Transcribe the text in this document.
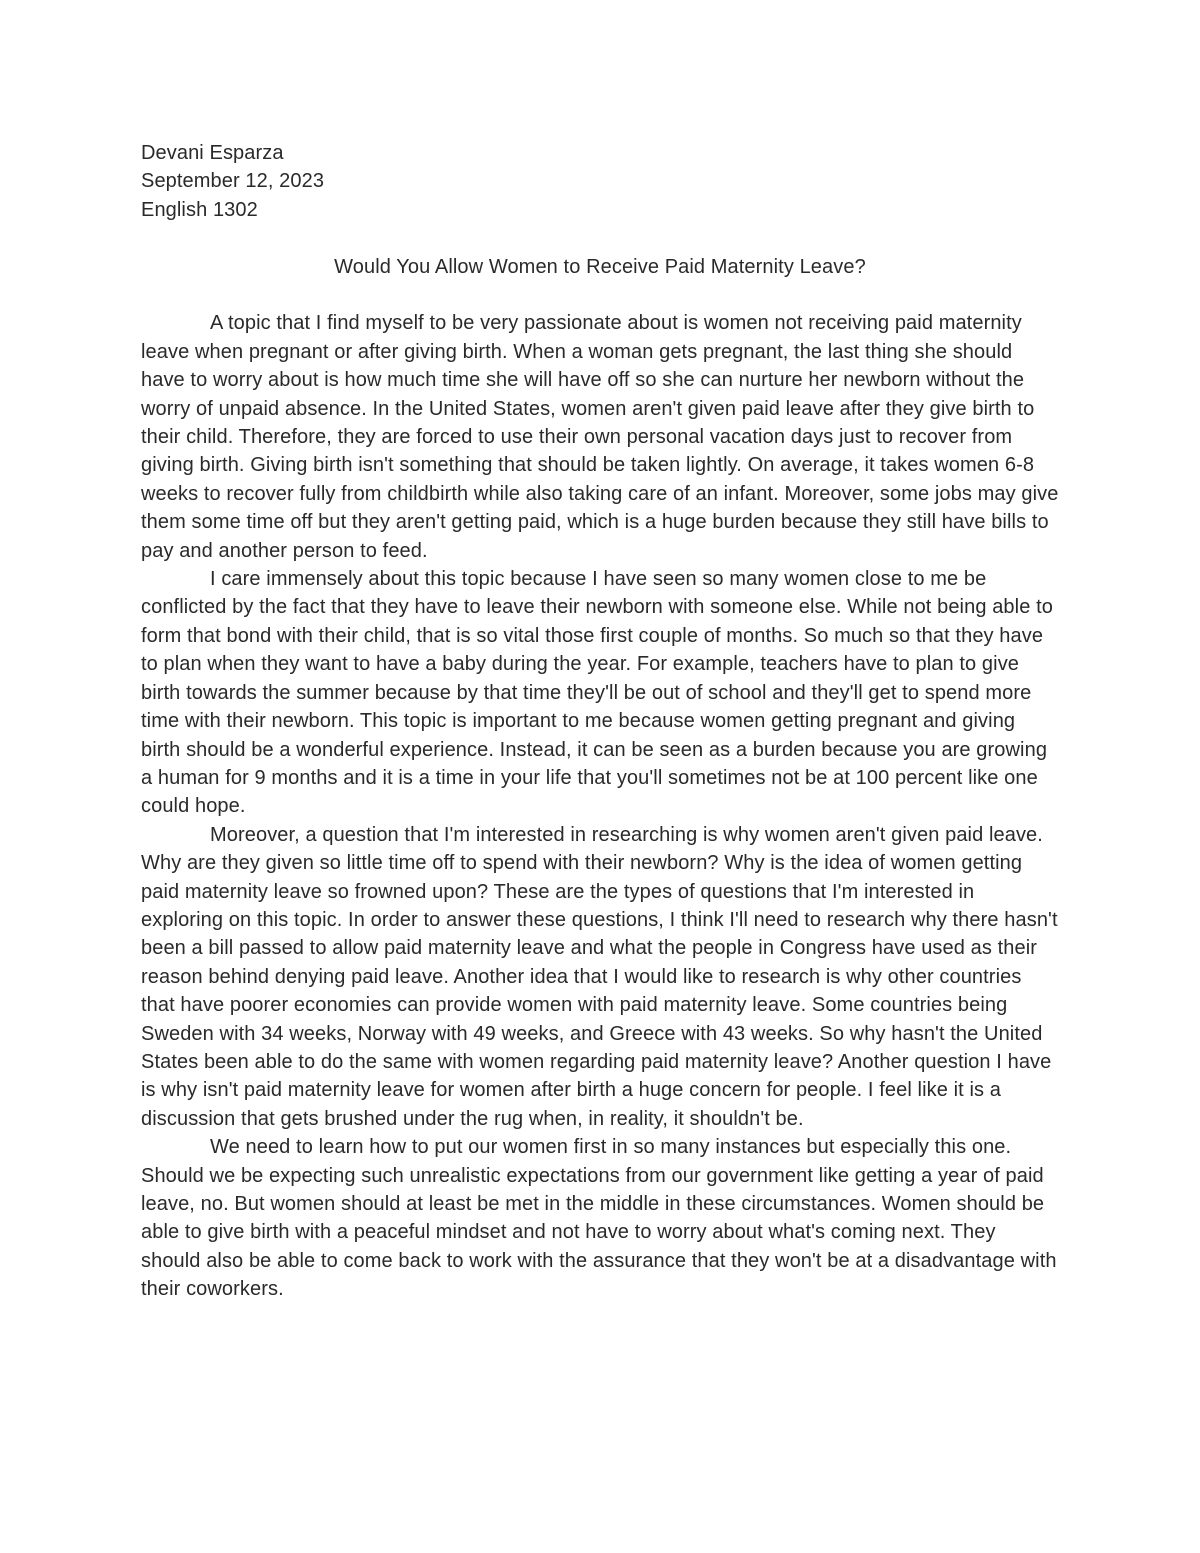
Devani Esparza

September 12, 2023

English 1302

Would You Allow Women to Receive Paid Maternity Leave?

A topic that I find myself to be very passionate about is women not receiving paid maternity leave when pregnant or after giving birth. When a woman gets pregnant, the last thing she should have to worry about is how much time she will have off so she can nurture her newborn without the worry of unpaid absence. In the United States, women aren't given paid leave after they give birth to their child. Therefore, they are forced to use their own personal vacation days just to recover from giving birth. Giving birth isn't something that should be taken lightly. On average, it takes women 6-8 weeks to recover fully from childbirth while also taking care of an infant. Moreover, some jobs may give them some time off but they aren't getting paid, which is a huge burden because they still have bills to pay and another person to feed.

I care immensely about this topic because I have seen so many women close to me be conflicted by the fact that they have to leave their newborn with someone else. While not being able to form that bond with their child, that is so vital those first couple of months. So much so that they have to plan when they want to have a baby during the year. For example, teachers have to plan to give birth towards the summer because by that time they'll be out of school and they'll get to spend more time with their newborn. This topic is important to me because women getting pregnant and giving birth should be a wonderful experience. Instead, it can be seen as a burden because you are growing a human for 9 months and it is a time in your life that you'll sometimes not be at 100 percent like one could hope.

Moreover, a question that I'm interested in researching is why women aren't given paid leave. Why are they given so little time off to spend with their newborn? Why is the idea of women getting paid maternity leave so frowned upon? These are the types of questions that I'm interested in exploring on this topic. In order to answer these questions, I think I'll need to research why there hasn't been a bill passed to allow paid maternity leave and what the people in Congress have used as their reason behind denying paid leave. Another idea that I would like to research is why other countries that have poorer economies can provide women with paid maternity leave. Some countries being Sweden with 34 weeks, Norway with 49 weeks, and Greece with 43 weeks. So why hasn't the United States been able to do the same with women regarding paid maternity leave? Another question I have is why isn't paid maternity leave for women after birth a huge concern for people. I feel like it is a discussion that gets brushed under the rug when, in reality, it shouldn't be.

We need to learn how to put our women first in so many instances but especially this one. Should we be expecting such unrealistic expectations from our government like getting a year of paid leave, no. But women should at least be met in the middle in these circumstances. Women should be able to give birth with a peaceful mindset and not have to worry about what's coming next. They should also be able to come back to work with the assurance that they won't be at a disadvantage with their coworkers.
